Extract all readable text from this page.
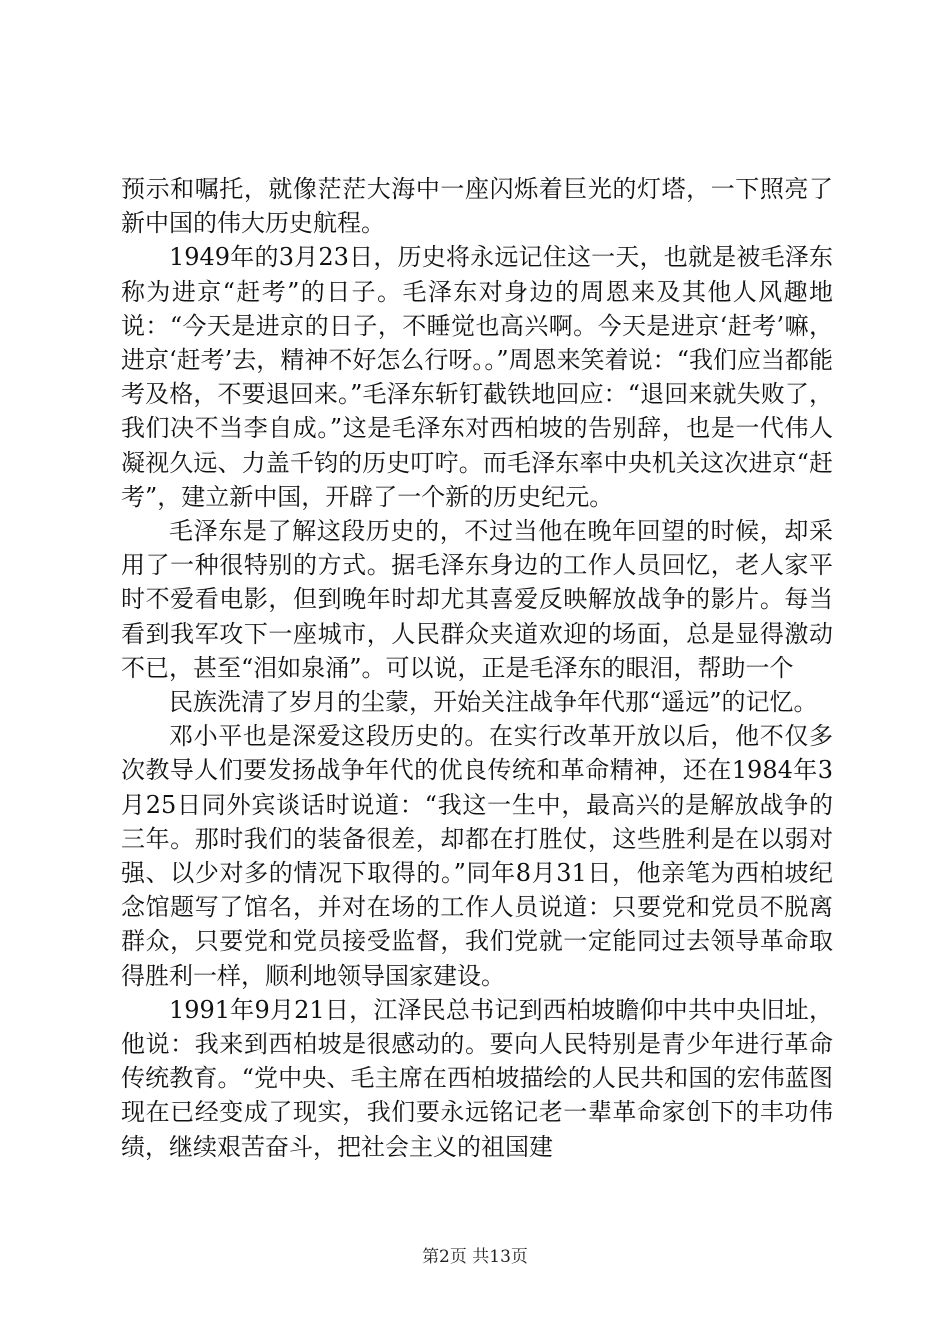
预示和嘱托，就像茫茫大海中一座闪烁着巨光的灯塔，一下照亮了新中国的伟大历史航程。

1949年的3月23日，历史将永远记住这一天，也就是被毛泽东称为进京“赶考”的日子。毛泽东对身边的周恩来及其他人风趣地说：“今天是进京的日子，不睡觉也高兴啊。今天是进京‘赶考’嘛，进京‘赶考’去，精神不好怎么行呀。。”周恩来笑着说：“我们应当都能考及格，不要退回来。”毛泽东斩钉截铁地回应：“退回来就失败了，我们决不当李自成。”这是毛泽东对西柏坡的告别辞，也是一代伟人凝视久远、力盖千钧的历史叮咛。而毛泽东率中央机关这次进京“赶考”，建立新中国，开辟了一个新的历史纪元。

毛泽东是了解这段历史的，不过当他在晚年回望的时候，却采用了一种很特别的方式。据毛泽东身边的工作人员回忆，老人家平时不爱看电影，但到晚年时却尤其喜爱反映解放战争的影片。每当看到我军攻下一座城市，人民群众夹道欢迎的场面，总是显得激动不已，甚至“泪如泉涌”。可以说，正是毛泽东的眼泪，帮助一个

民族洗清了岁月的尘蒙，开始关注战争年代那“遥远”的记忆。

邓小平也是深爱这段历史的。在实行改革开放以后，他不仅多次教导人们要发扬战争年代的优良传统和革命精神，还在1984年3月25日同外宾谈话时说道：“我这一生中，最高兴的是解放战争的三年。那时我们的装备很差，却都在打胜仗，这些胜利是在以弱对强、以少对多的情况下取得的。”同年8月31日，他亲笔为西柏坡纪念馆题写了馆名，并对在场的工作人员说道：只要党和党员不脱离群众，只要党和党员接受监督，我们党就一定能同过去领导革命取得胜利一样，顺利地领导国家建设。

1991年9月21日，江泽民总书记到西柏坡瞻仰中共中央旧址，他说：我来到西柏坡是很感动的。要向人民特别是青少年进行革命传统教育。“党中央、毛主席在西柏坡描绘的人民共和国的宏伟蓝图现在已经变成了现实，我们要永远铭记老一辈革命家创下的丰功伟绩，继续艰苦奋斗，把社会主义的祖国建

第2页 共13页
